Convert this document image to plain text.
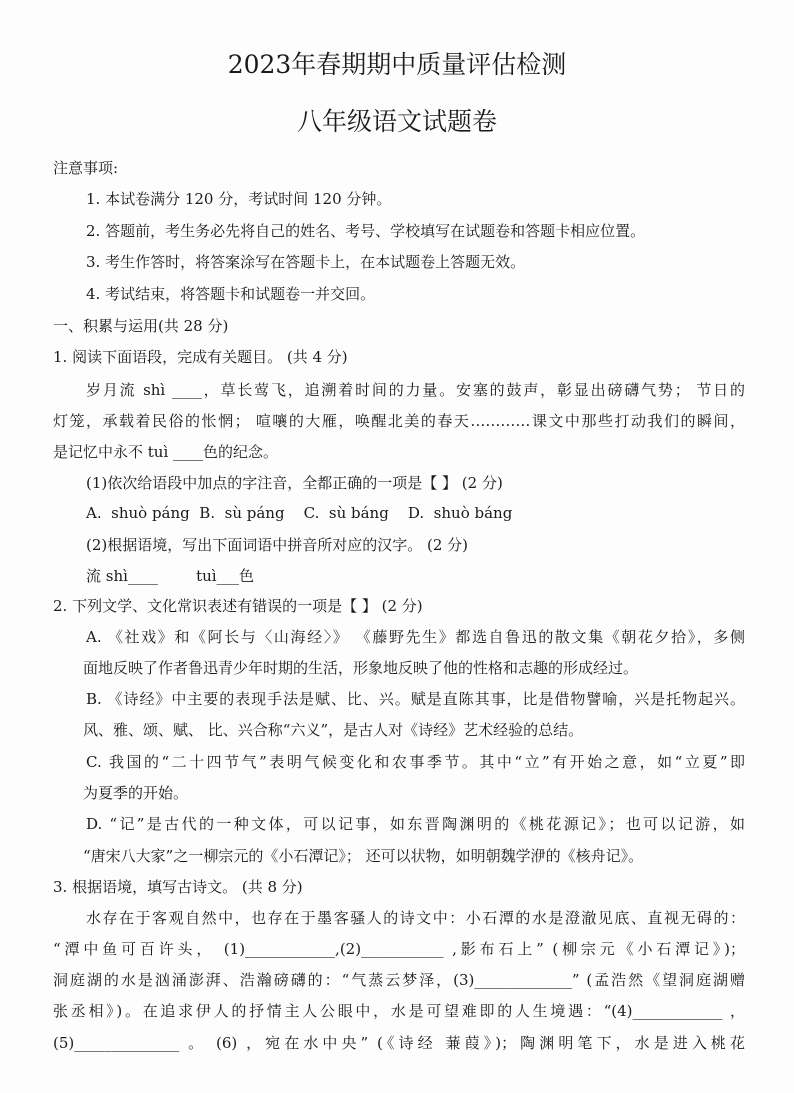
2023年春期期中质量评估检测
八年级语文试题卷
注意事项:
1. 本试卷满分 120 分，考试时间 120 分钟。
2. 答题前，考生务必先将自己的姓名、考号、学校填写在试题卷和答题卡相应位置。
3. 考生作答时，将答案涂写在答题卡上，在本试题卷上答题无效。
4. 考试结束，将答题卡和试题卷一并交回。
一、积累与运用(共 28 分)
1. 阅读下面语段，完成有关题目。 (共 4 分)
岁月流 shì ____，草长莺飞，追溯着时间的力量。安塞的鼓声，彰显出磅礴气势； 节日的
灯笼，承载着民俗的怅惘； 喧嚷的大雁，唤醒北美的春天…………课文中那些打动我们的瞬间，
是记忆中永不 tuì ____色的纪念。
(1)依次给语段中加点的字注音，全都正确的一项是【 】 (2 分)
A.  shuò páng  B.  sù páng    C.  sù báng    D.  shuò báng
(2)根据语境，写出下面词语中拼音所对应的汉字。 (2 分)
流 shì____        tuì___色
2. 下列文学、文化常识表述有错误的一项是【 】 (2 分)
A. 《社戏》和《阿长与〈山海经〉》 《藤野先生》都选自鲁迅的散文集《朝花夕拾》，多侧
面地反映了作者鲁迅青少年时期的生活，形象地反映了他的性格和志趣的形成经过。
B. 《诗经》中主要的表现手法是赋、比、兴。赋是直陈其事，比是借物譬喻，兴是托物起兴。
风、雅、颂、赋、 比、兴合称“六义”，是古人对《诗经》艺术经验的总结。
C. 我国的“二十四节气”表明气候变化和农事季节。其中“立”有开始之意，如“立夏”即
为夏季的开始。
D. “记”是古代的一种文体，可以记事，如东晋陶渊明的《桃花源记》；也可以记游，如
“唐宋八大家”之一柳宗元的《小石潭记》； 还可以状物，如明朝魏学洢的《核舟记》。
3. 根据语境，填写古诗文。 (共 8 分)
水存在于客观自然中，也存在于墨客骚人的诗文中：小石潭的水是澄澈见底、直视无碍的：
“潭中鱼可百许头， (1)____________,(2)___________ ,影布石上” (柳宗元《小石潭记》)；
洞庭湖的水是汹涌澎湃、浩瀚磅礴的：“气蒸云梦泽，(3)_____________” (孟浩然《望洞庭湖赠
张丞相》)。在追求伊人的抒情主人公眼中，水是可望难即的人生境遇：“(4)____________ ，
(5)______________ 。 (6) ，宛在水中央” (《诗经 蒹葭》)；陶渊明笔下，水是进入桃花
